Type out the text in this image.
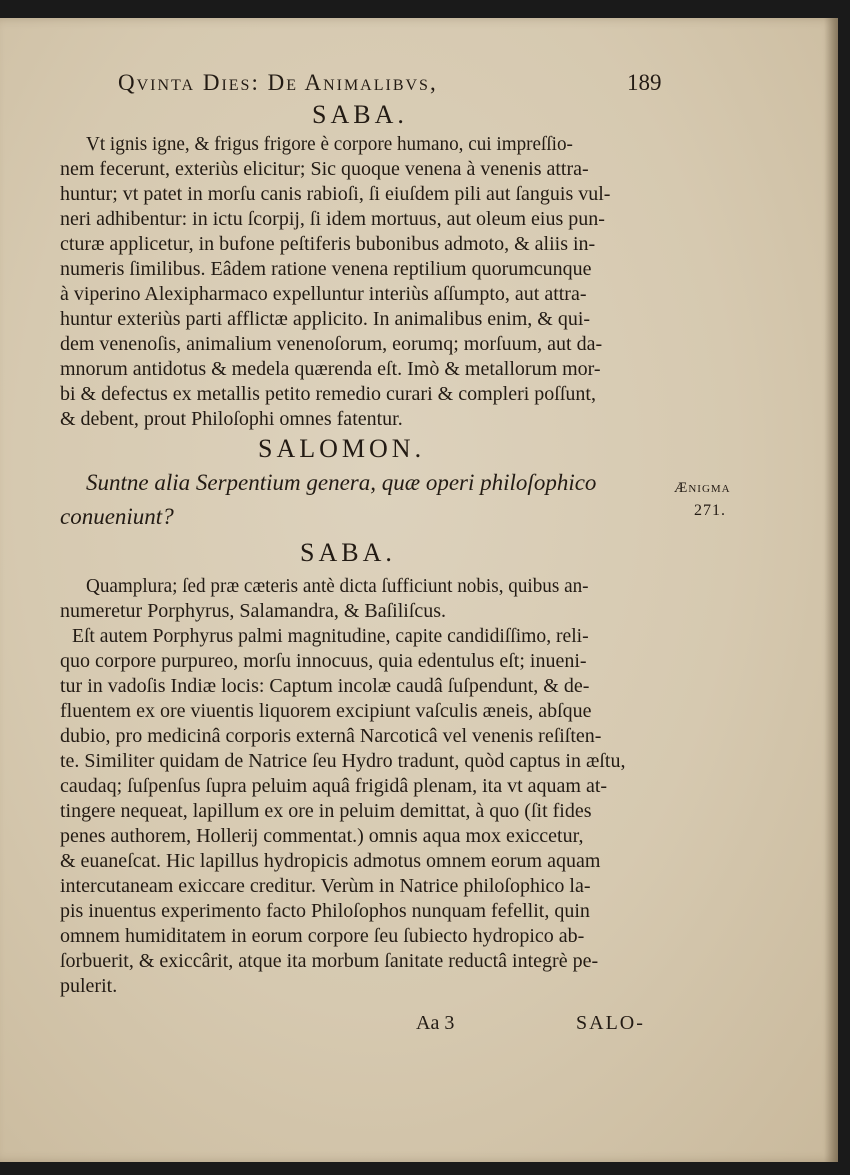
Qvinta Dies: De Animalibvs,	189

SABA.

Vt ignis igne, & frigus frigore è corpore humano, cui impreſſio-

nem fecerunt, exteriùs elicitur; Sic quoque venena à venenis attra-

huntur; vt patet in morſu canis rabioſi, ſi eiuſdem pili aut ſanguis vul-

neri adhibentur: in ictu ſcorpij, ſi idem mortuus, aut oleum eius pun-

cturæ applicetur, in bufone peſtiferis bubonibus admoto, & aliis in-

numeris ſimilibus. Eâdem ratione venena reptilium quorumcunque

à viperino Alexipharmaco expelluntur interiùs aſſumpto, aut attra-

huntur exteriùs parti afflictæ applicito. In animalibus enim, & qui-

dem venenoſis, animalium venenoſorum, eorumq; morſuum, aut da-

mnorum antidotus & medela quærenda eſt. Imò & metallorum mor-

bi & defectus ex metallis petito remedio curari & compleri poſſunt,

& debent, prout Philoſophi omnes fatentur.

SALOMON.

Suntne alia Serpentium genera, quæ operi philoſophico

conueniunt?

Ænigma

271.

SABA.

Quamplura; ſed præ cæteris antè dicta ſufficiunt nobis, quibus an-

numeretur Porphyrus, Salamandra, & Baſiliſcus.

Eſt autem Porphyrus palmi magnitudine, capite candidiſſimo, reli-

quo corpore purpureo, morſu innocuus, quia edentulus eſt; inueni-

tur in vadoſis Indiæ locis: Captum incolæ caudâ ſuſpendunt, & de-

fluentem ex ore viuentis liquorem excipiunt vaſculis æneis, abſque

dubio, pro medicinâ corporis externâ Narcoticâ vel venenis reſiſten-

te. Similiter quidam de Natrice ſeu Hydro tradunt, quòd captus in æſtu,

caudaq; ſuſpenſus ſupra peluim aquâ frigidâ plenam, ita vt aquam at-

tingere nequeat, lapillum ex ore in peluim demittat, à quo (ſit fides

penes authorem, Hollerij commentat.) omnis aqua mox exiccetur,

& euaneſcat. Hic lapillus hydropicis admotus omnem eorum aquam

intercutaneam exiccare creditur. Verùm in Natrice philoſophico la-

pis inuentus experimento facto Philoſophos nunquam fefellit, quin

omnem humiditatem in eorum corpore ſeu ſubiecto hydropico ab-

ſorbuerit, & exiccârit, atque ita morbum ſanitate reductâ integrè pe-

pulerit.

Aa 3	SALO-
